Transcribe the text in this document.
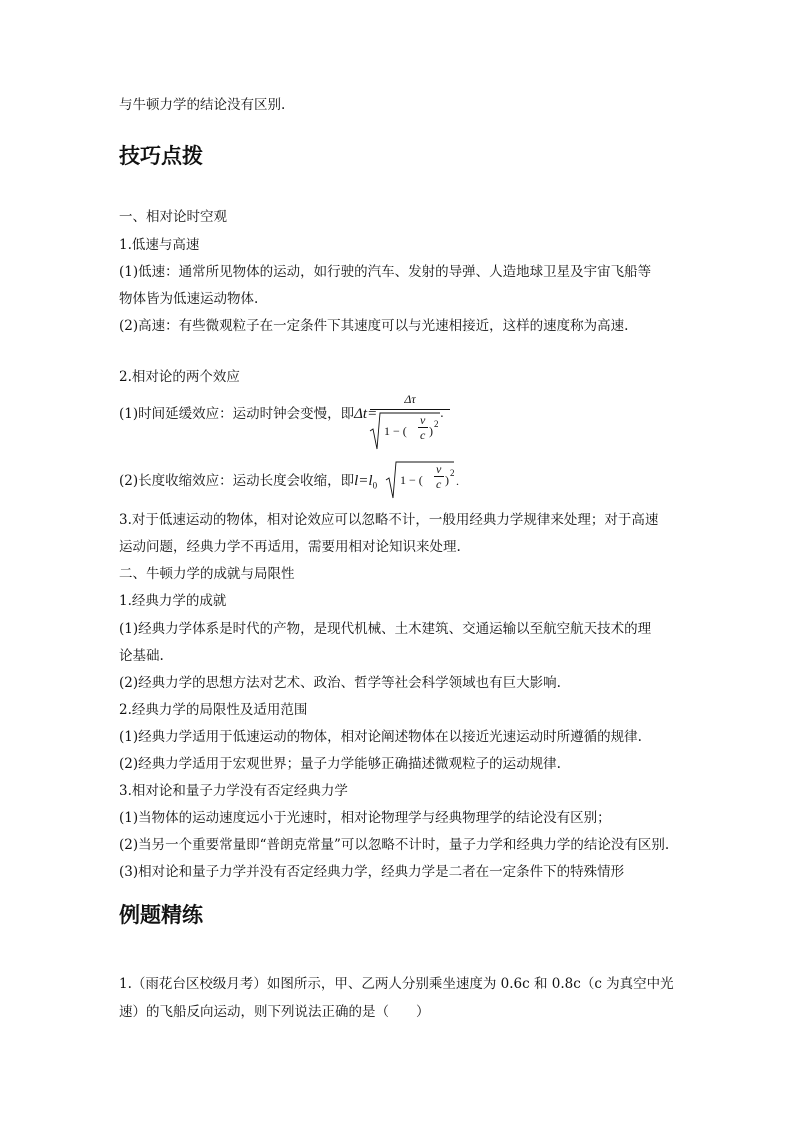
与牛顿力学的结论没有区别.
技巧点拨
一、相对论时空观
1.低速与高速
(1)低速：通常所见物体的运动，如行驶的汽车、发射的导弹、人造地球卫星及宇宙飞船等
物体皆为低速运动物体.
(2)高速：有些微观粒子在一定条件下其速度可以与光速相接近，这样的速度称为高速.
2.相对论的两个效应
(1)时间延缓效应：运动时钟会变慢，即Δt=
Δτ
1 − (
v
c ) 2
.
(2)长度收缩效应：运动长度会收缩，即$l=l_0$ 1 − (
v
c ) 2
.
3.对于低速运动的物体，相对论效应可以忽略不计，一般用经典力学规律来处理；对于高速
运动问题，经典力学不再适用，需要用相对论知识来处理.
二、牛顿力学的成就与局限性
1.经典力学的成就
(1)经典力学体系是时代的产物，是现代机械、土木建筑、交通运输以至航空航天技术的理
论基础.
(2)经典力学的思想方法对艺术、政治、哲学等社会科学领域也有巨大影响.
2.经典力学的局限性及适用范围
(1)经典力学适用于低速运动的物体，相对论阐述物体在以接近光速运动时所遵循的规律.
(2)经典力学适用于宏观世界；量子力学能够正确描述微观粒子的运动规律.
3.相对论和量子力学没有否定经典力学
(1)当物体的运动速度远小于光速时，相对论物理学与经典物理学的结论没有区别；
(2)当另一个重要常量即“普朗克常量”可以忽略不计时，量子力学和经典力学的结论没有区别.
(3)相对论和量子力学并没有否定经典力学，经典力学是二者在一定条件下的特殊情形
例题精练
1.（雨花台区校级月考）如图所示，甲、乙两人分别乘坐速度为 0.6c 和 0.8c（c 为真空中光
速）的飞船反向运动，则下列说法正确的是（　　）
